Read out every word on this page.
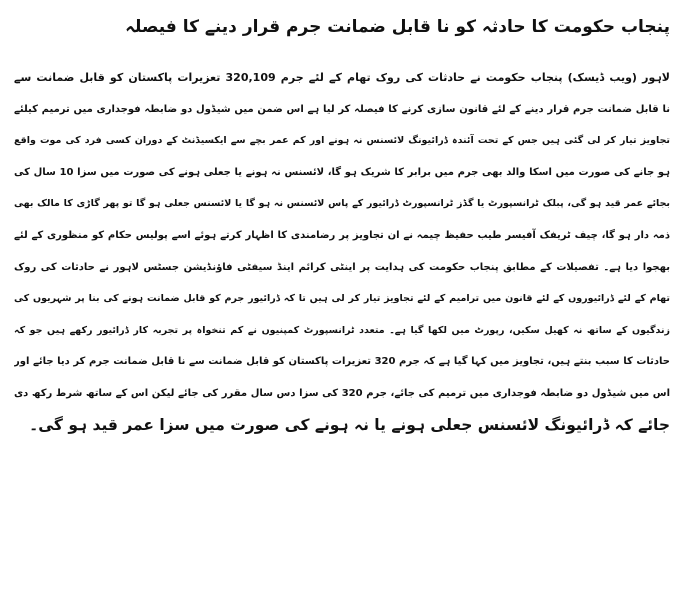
پنجاب حکومت کا حادثہ کو نا قابل ضمانت جرم قرار دینے کا فیصلہ
لاہور (ویب ڈیسک) پنجاب حکومت نے حادثات کی روک تھام کے لئے جرم 320,109 تعزیرات پاکستان کو قابل ضمانت سے
نا قابل ضمانت جرم قرار دینے کے لئے قانون سازی کرنے کا فیصلہ کر لیا ہے اس ضمن میں شیڈول دو ضابطہ فوجداری میں ترمیم کیلئے
تجاویز تیار کر لی گئی ہیں جس کے تحت آئندہ ڈرائیونگ لائسنس نہ ہونے اور کم عمر بچے سے ایکسیڈنٹ کے دوران کسی فرد کی موت واقع
ہو جانے کی صورت میں اسکا والد بھی جرم میں برابر کا شریک ہو گا، لائسنس نہ ہونے یا جعلی ہونے کی صورت میں سزا 10 سال کی
بجائے عمر قید ہو گی، پبلک ٹرانسپورٹ یا گڈز ٹرانسپورٹ ڈرائیور کے پاس لائسنس نہ ہو گا یا لائسنس جعلی ہو گا تو پھر گاڑی کا مالک بھی
ذمہ دار ہو گا، چیف ٹریفک آفیسر طیب حفیظ چیمہ نے ان تجاویز پر رضامندی کا اظہار کرتے ہوئے اسے پولیس حکام کو منظوری کے لئے
بھجوا دیا ہے۔ تفصیلات کے مطابق پنجاب حکومت کی ہدایت پر اینٹی کرائم اینڈ سیفٹی فاؤنڈیشن جسٹس لاہور نے حادثات کی روک
تھام کے لئے ڈرائیوروں کے لئے قانون میں ترامیم کے لئے تجاویز تیار کر لی ہیں تا کہ ڈرائیور جرم کو قابل ضمانت ہونے کی بنا پر شہریوں کی
زندگیوں کے ساتھ نہ کھیل سکیں، رپورٹ میں لکھا گیا ہے۔ متعدد ٹرانسپورٹ کمپنیوں نے کم تنخواہ پر تجربہ کار ڈرائیور رکھے ہیں جو کہ
حادثات کا سبب بنتے ہیں، تجاویز میں کہا گیا ہے کہ جرم 320 تعزیرات پاکستان کو قابل ضمانت سے نا قابل ضمانت جرم کر دیا جائے اور
اس میں شیڈول دو ضابطہ فوجداری میں ترمیم کی جائے، جرم 320 کی سزا دس سال مقرر کی جائے لیکن اس کے ساتھ شرط رکھ دی
جائے کہ ڈرائیونگ لائسنس جعلی ہونے یا نہ ہونے کی صورت میں سزا عمر قید ہو گی۔
